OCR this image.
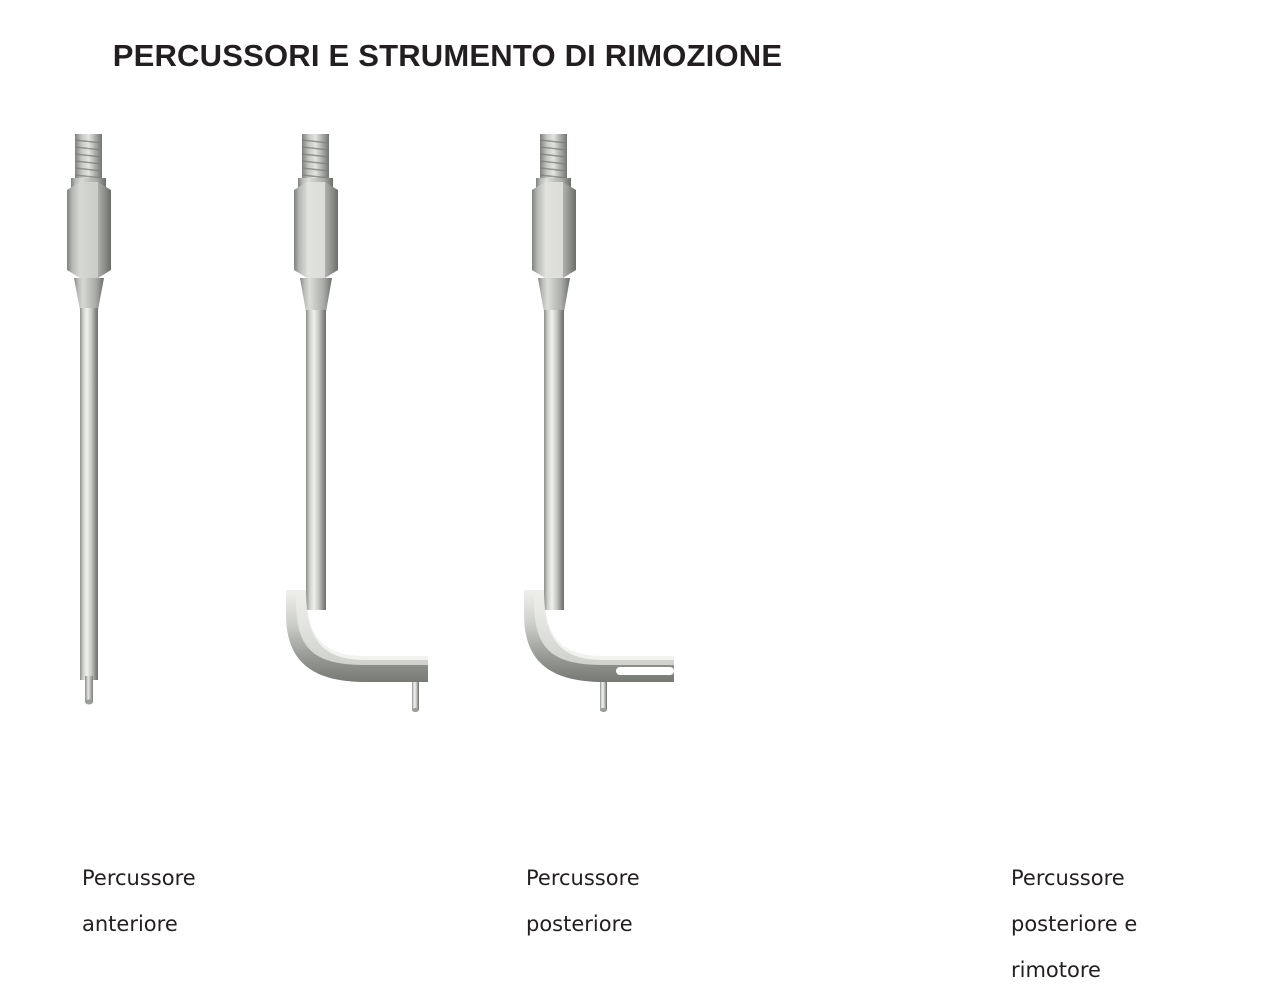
PERCUSSORI E STRUMENTO DI RIMOZIONE
Percussore
anteriore
Percussore
posteriore
Percussore
posteriore e
rimotore
